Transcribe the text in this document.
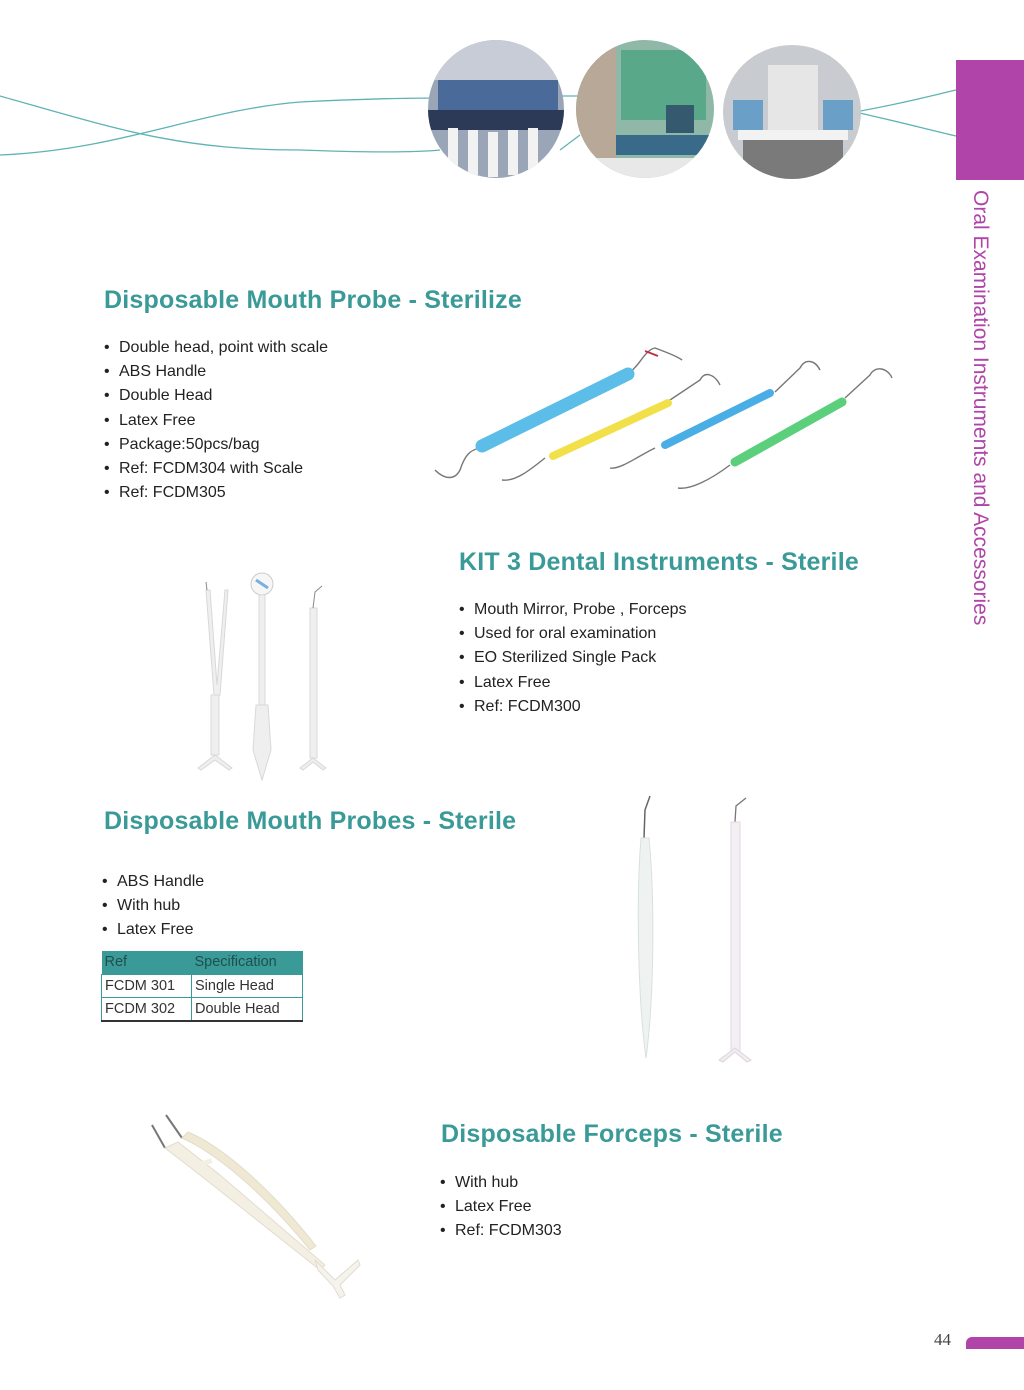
Oral Examination Instruments and Accessories
Disposable Mouth Probe - Sterilize
• Double head, point with scale
• ABS Handle
• Double Head
• Latex Free
• Package:50pcs/bag
• Ref: FCDM304 with Scale
• Ref: FCDM305
KIT 3 Dental Instruments - Sterile
• Mouth Mirror, Probe , Forceps
• Used for oral examination
• EO Sterilized Single Pack
• Latex Free
• Ref: FCDM300
Disposable Mouth Probes - Sterile
• ABS Handle
• With hub
• Latex Free
Ref	Specification
FCDM 301	Single Head
FCDM 302	Double Head
Disposable Forceps - Sterile
• With hub
• Latex Free
• Ref: FCDM303
44
